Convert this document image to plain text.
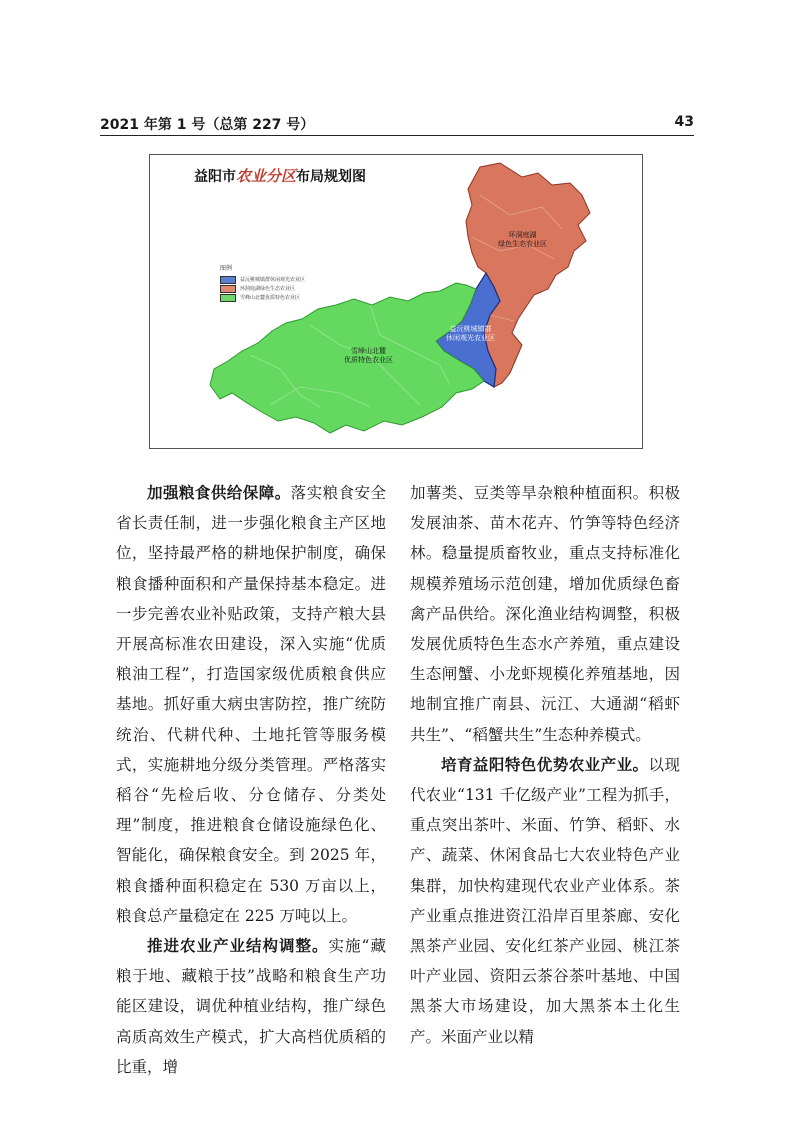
2021 年第 1 号（总第 227 号）	43
益阳市农业分区布局规划图
图例
益沅桃城镇群休闲观光农业区
环洞庭湖绿色生态农业区
雪峰山北麓优质特色农业区
环洞庭湖
绿色生态农业区
益沅桃城镇群
休闲观光农业区
雪峰山北麓
优质特色农业区

加强粮食供给保障。落实粮食安全省长责任制，进一步强化粮食主产区地位，坚持最严格的耕地保护制度，确保粮食播种面积和产量保持基本稳定。进一步完善农业补贴政策，支持产粮大县开展高标准农田建设，深入实施“优质粮油工程”，打造国家级优质粮食供应基地。抓好重大病虫害防控，推广统防统治、代耕代种、土地托管等服务模式，实施耕地分级分类管理。严格落实稻谷“先检后收、分仓储存、分类处理”制度，推进粮食仓储设施绿色化、智能化，确保粮食安全。到 2025 年，粮食播种面积稳定在 530 万亩以上，粮食总产量稳定在 225 万吨以上。

推进农业产业结构调整。实施“藏粮于地、藏粮于技”战略和粮食生产功能区建设，调优种植业结构，推广绿色高质高效生产模式，扩大高档优质稻的比重，增

加薯类、豆类等旱杂粮种植面积。积极发展油茶、苗木花卉、竹笋等特色经济林。稳量提质畜牧业，重点支持标准化规模养殖场示范创建，增加优质绿色畜禽产品供给。深化渔业结构调整，积极发展优质特色生态水产养殖，重点建设生态闸蟹、小龙虾规模化养殖基地，因地制宜推广南县、沅江、大通湖“稻虾共生”、“稻蟹共生”生态种养模式。

培育益阳特色优势农业产业。以现代农业“131 千亿级产业”工程为抓手，重点突出茶叶、米面、竹笋、稻虾、水产、蔬菜、休闲食品七大农业特色产业集群，加快构建现代农业产业体系。茶产业重点推进资江沿岸百里茶廊、安化黑茶产业园、安化红茶产业园、桃江茶叶产业园、资阳云茶谷茶叶基地、中国黑茶大市场建设，加大黑茶本土化生产。米面产业以精
